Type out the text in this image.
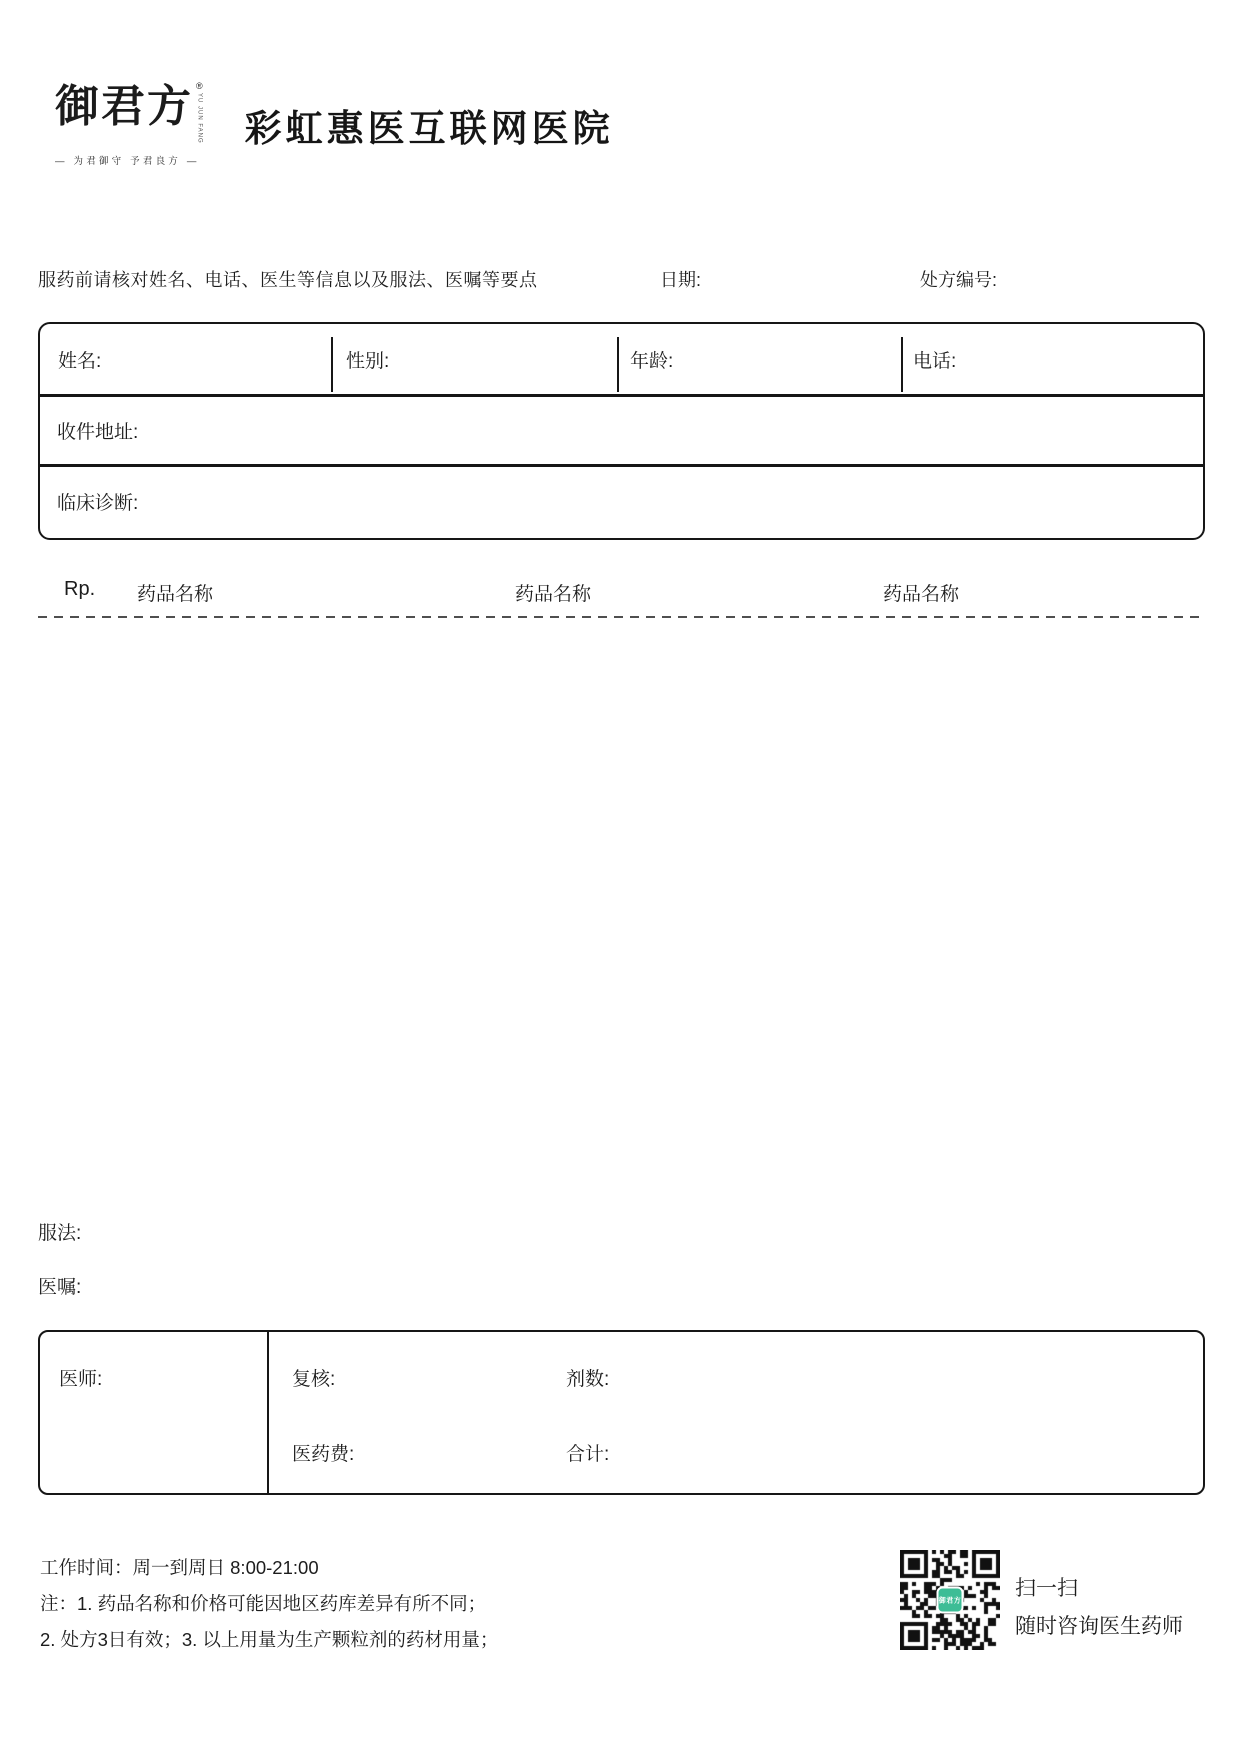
御君方 ®
YU JUN FANG
— 为君御守 予君良方 —
彩虹惠医互联网医院
服药前请核对姓名、电话、医生等信息以及服法、医嘱等要点	日期:	处方编号:
姓名:	性别:	年龄:	电话:
收件地址:
临床诊断:
Rp. 药品名称	药品名称	药品名称
服法:
医嘱:
医师:	复核:	剂数:
医药费:	合计:
工作时间：周一到周日 8:00-21:00
注：1. 药品名称和价格可能因地区药库差异有所不同；
2. 处方3日有效；3. 以上用量为生产颗粒剂的药材用量；
御君方
扫一扫
随时咨询医生药师
